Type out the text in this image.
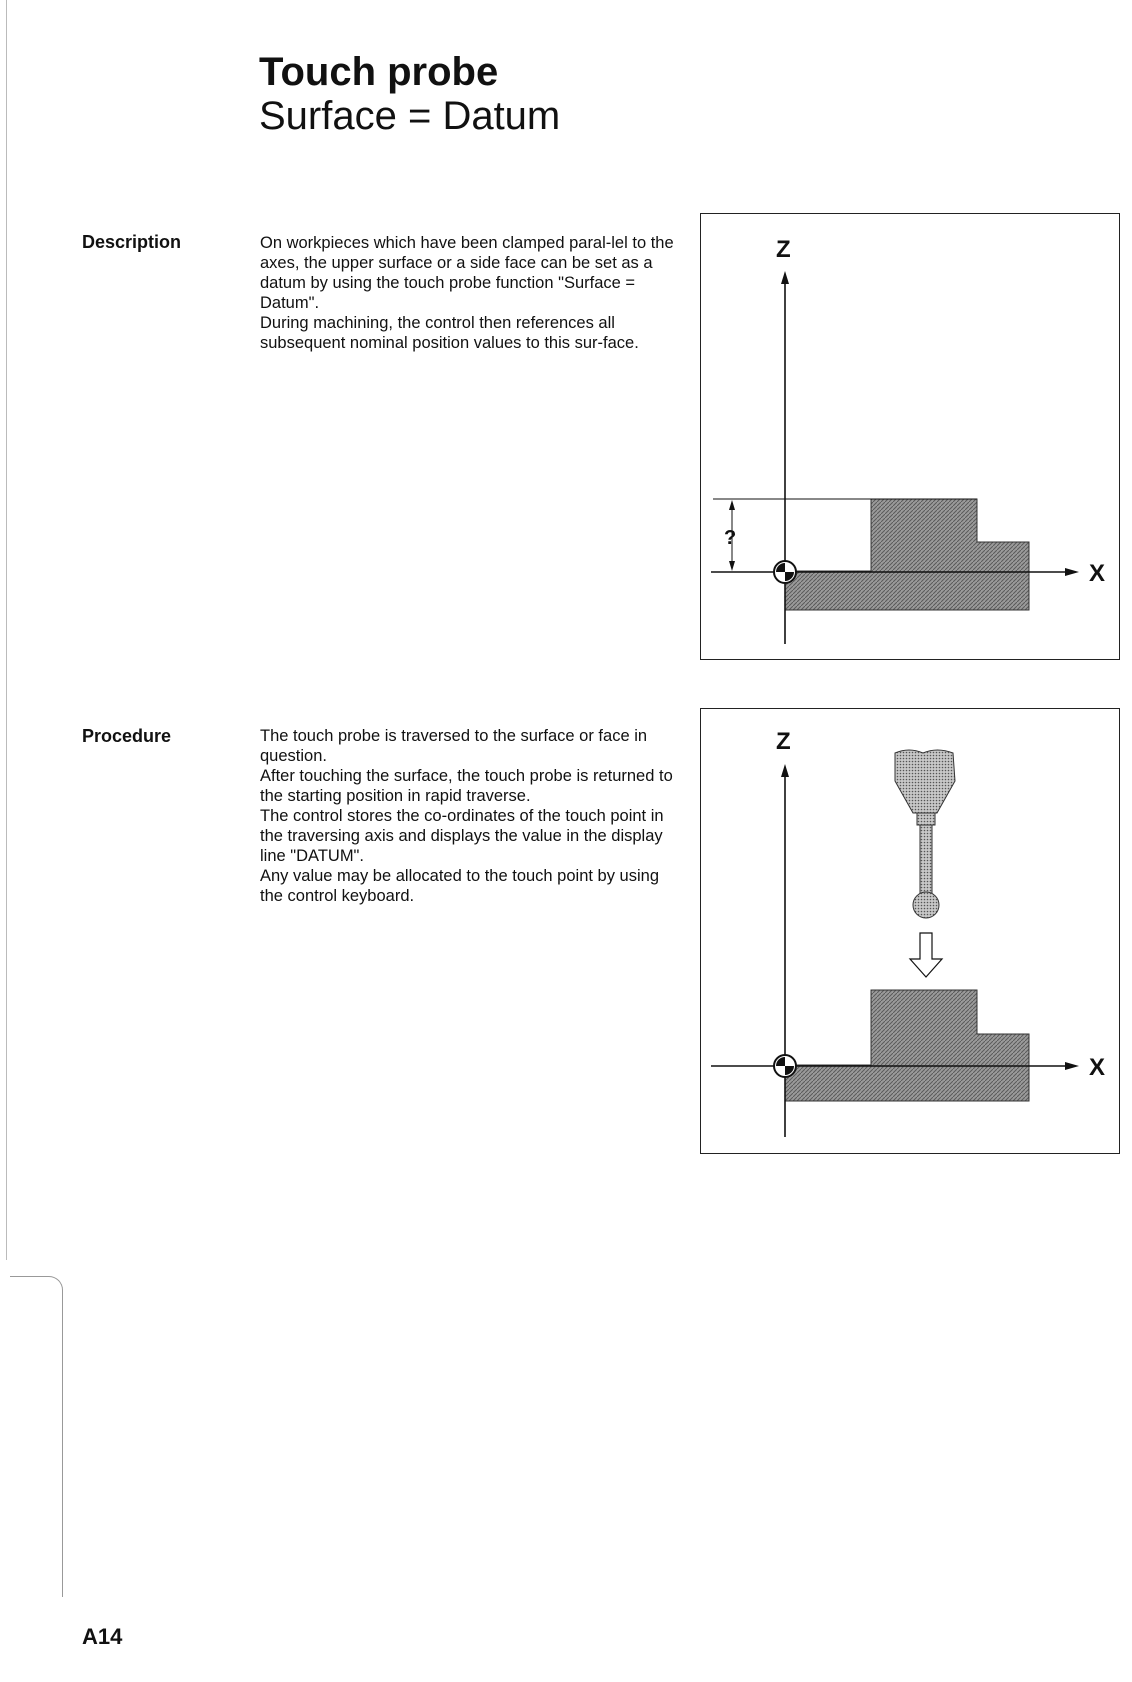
Touch probe
Surface = Datum
Description	On workpieces which have been clamped paral-lel to the axes, the upper surface or a side face can be set as a datum by using the touch probe function "Surface = Datum".

During machining, the control then references all subsequent nominal position values to this sur-face.

?
Z
X
Procedure	The touch probe is traversed to the surface or face in question.

After touching the surface, the touch probe is returned to the starting position in rapid traverse.

The control stores the co-ordinates of the touch point in the traversing axis and displays the value in the display line "DATUM".

Any value may be allocated to the touch point by using the control keyboard.

Z
X
A14
